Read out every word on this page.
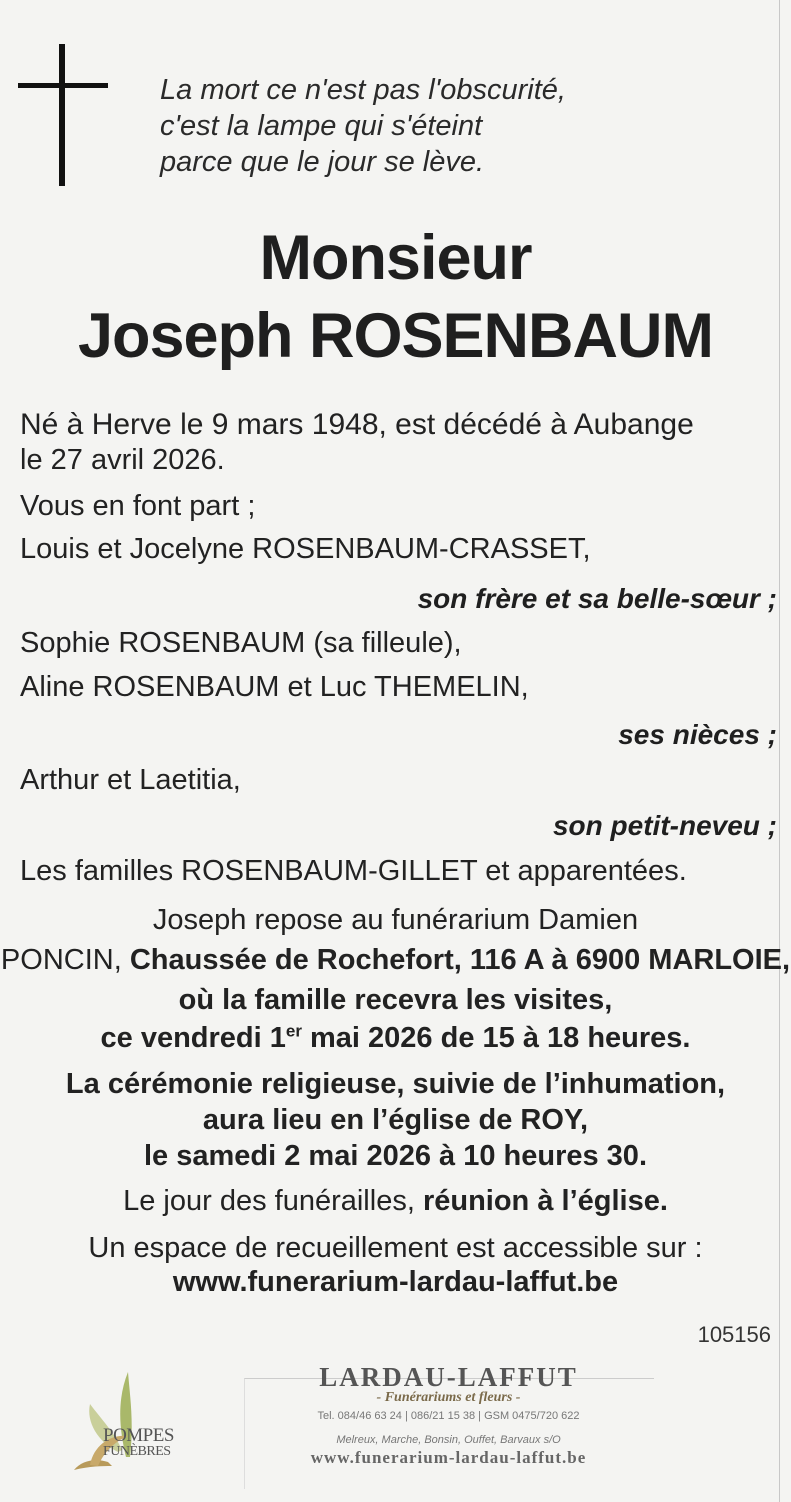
La mort ce n'est pas l'obscurité,
c'est la lampe qui s'éteint
parce que le jour se lève.
Monsieur
Joseph ROSENBAUM
Né à Herve le 9 mars 1948, est décédé à Aubange
le 27 avril 2026.
Vous en font part ;
Louis et Jocelyne ROSENBAUM-CRASSET,
son frère et sa belle-sœur ;
Sophie ROSENBAUM (sa filleule),
Aline ROSENBAUM et Luc THEMELIN,
ses nièces ;
Arthur et Laetitia,
son petit-neveu ;
Les familles ROSENBAUM-GILLET et apparentées.
Joseph repose au funérarium Damien
PONCIN, Chaussée de Rochefort, 116 A à 6900 MARLOIE,
où la famille recevra les visites,
ce vendredi 1er mai 2026 de 15 à 18 heures.
La cérémonie religieuse, suivie de l’inhumation,
aura lieu en l’église de ROY,
le samedi 2 mai 2026 à 10 heures 30.
Le jour des funérailles, réunion à l’église.
Un espace de recueillement est accessible sur :
www.funerarium-lardau-laffut.be
105156
POMPES
FUNÈBRES
LARDAU-LAFFUT
- Funérariums et fleurs -
Tel. 084/46 63 24 | 086/21 15 38 | GSM 0475/720 622
Melreux, Marche, Bonsin, Ouffet, Barvaux s/O
www.funerarium-lardau-laffut.be
